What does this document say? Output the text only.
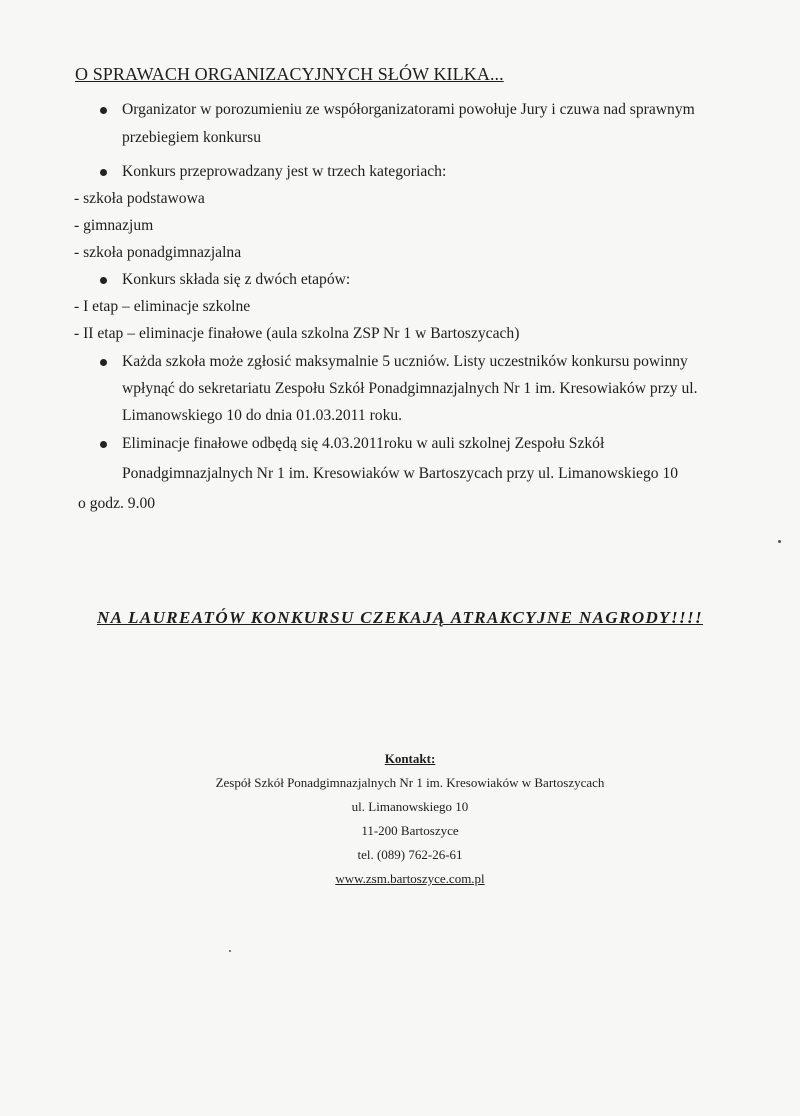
O SPRAWACH ORGANIZACYJNYCH SŁÓW KILKA...
Organizator w porozumieniu ze współorganizatorami powołuje Jury i czuwa nad sprawnym
przebiegiem konkursu
Konkurs przeprowadzany jest w trzech kategoriach:
- szkoła podstawowa
- gimnazjum
- szkoła ponadgimnazjalna
Konkurs składa się z dwóch etapów:
- I etap – eliminacje szkolne
- II etap – eliminacje finałowe (aula szkolna ZSP Nr 1 w Bartoszycach)
Każda szkoła może zgłosić maksymalnie 5 uczniów. Listy uczestników konkursu powinny
wpłynąć do sekretariatu Zespołu Szkół Ponadgimnazjalnych Nr 1 im. Kresowiaków przy ul.
Limanowskiego 10 do dnia 01.03.2011 roku.
Eliminacje finałowe odbędą się 4.03.2011roku w auli szkolnej Zespołu Szkół
Ponadgimnazjalnych Nr 1 im. Kresowiaków w Bartoszycach przy ul. Limanowskiego 10
o godz. 9.00
NA LAUREATÓW KONKURSU CZEKAJĄ ATRAKCYJNE NAGRODY!!!!
Kontakt:
Zespół Szkół Ponadgimnazjalnych Nr 1 im. Kresowiaków w Bartoszycach
ul. Limanowskiego 10
11-200 Bartoszyce
tel. (089) 762-26-61
www.zsm.bartoszyce.com.pl
